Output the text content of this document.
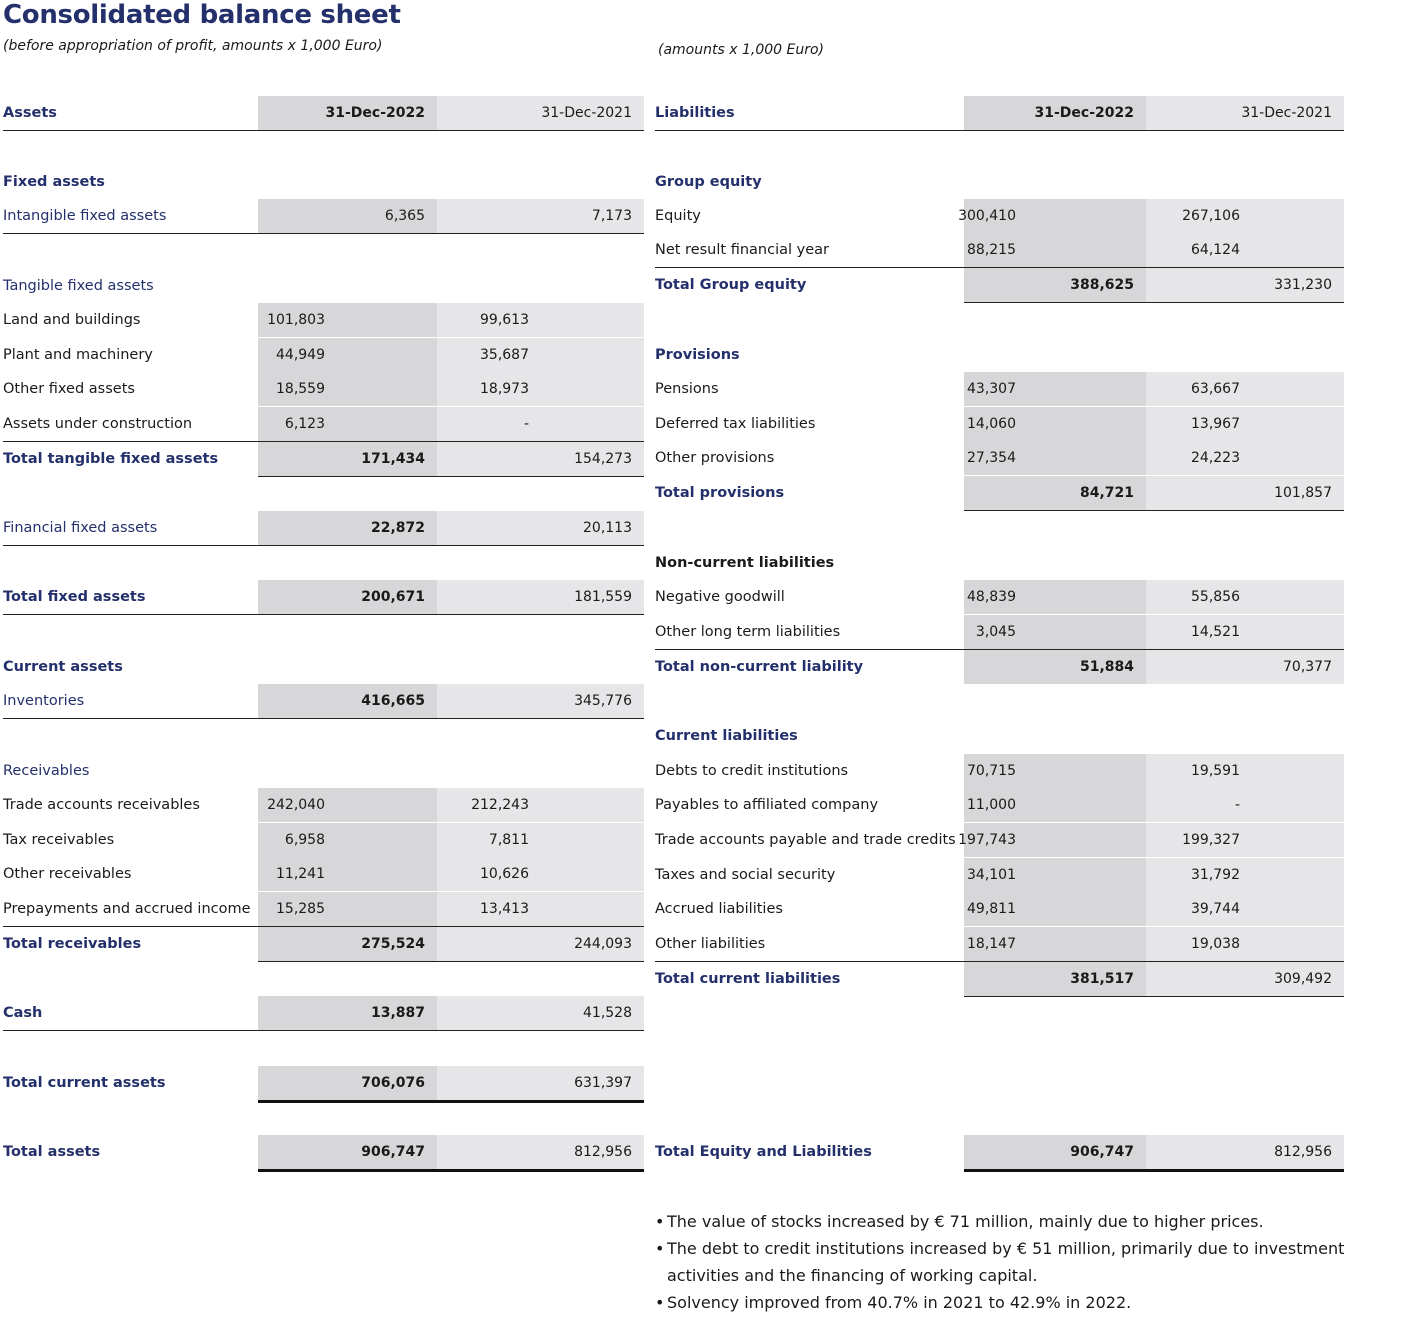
Consolidated balance sheet
(before appropriation of profit, amounts x 1,000 Euro)	(amounts x 1,000 Euro)
Assets	31-Dec-2022	31-Dec-2021
Fixed assets
Intangible fixed assets	6,365	7,173
Tangible fixed assets
Land and buildings	101,803	99,613
Plant and machinery	44,949	35,687
Other fixed assets	18,559	18,973
Assets under construction	6,123	-
Total tangible fixed assets	171,434	154,273
Financial fixed assets	22,872	20,113
Total fixed assets	200,671	181,559
Current assets
Inventories	416,665	345,776
Receivables
Trade accounts receivables	242,040	212,243
Tax receivables	6,958	7,811
Other receivables	11,241	10,626
Prepayments and accrued income 15,285	13,413
Total receivables	275,524	244,093
Cash	13,887	41,528
Total current assets	706,076	631,397
Total assets	906,747	812,956
Liabilities	31-Dec-2022	31-Dec-2021
Group equity
Equity	300,410	267,106
Net result financial year	88,215	64,124
Total Group equity	388,625	331,230
Provisions
Pensions	43,307	63,667
Deferred tax liabilities	14,060	13,967
Other provisions	27,354	24,223
Total provisions	84,721	101,857
Non-current liabilities
Negative goodwill	48,839	55,856
Other long term liabilities	3,045	14,521
Total non-current liability	51,884	70,377
Current liabilities
Debts to credit institutions	70,715	19,591
Payables to affiliated company	11,000	-
Trade accounts payable and trade credits 197,743	199,327
Taxes and social security	34,101	31,792
Accrued liabilities	49,811	39,744
Other liabilities	18,147	19,038
Total current liabilities	381,517	309,492
Total Equity and Liabilities	906,747	812,956
• The value of stocks increased by € 71 million, mainly due to higher prices.
• The debt to credit institutions increased by € 51 million, primarily due to investment activities and the financing of working capital.
• Solvency improved from 40.7% in 2021 to 42.9% in 2022.
